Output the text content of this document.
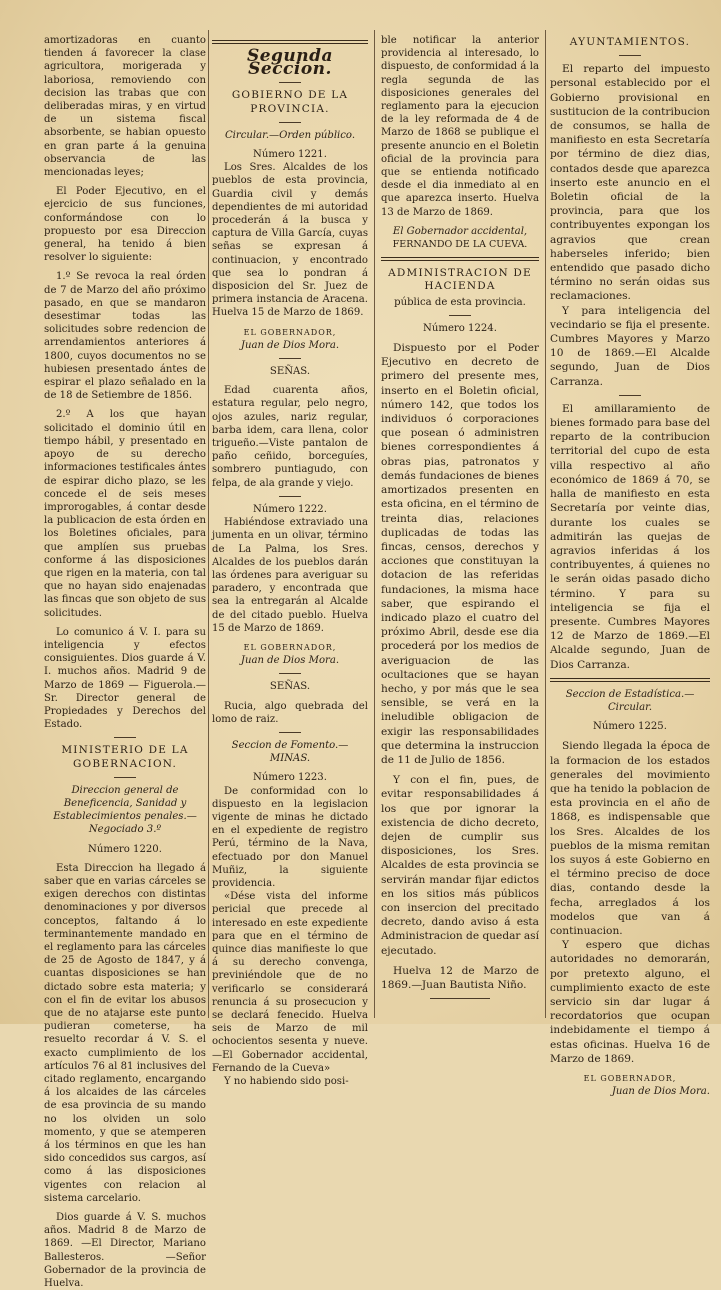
amortizadoras en cuanto tienden á favorecer la clase agricultora, morigerada y laboriosa, removiendo con decision las trabas que con deliberadas miras, y en virtud de un sistema fiscal absorbente, se habian opuesto en gran parte á la genuina observancia de las mencionadas leyes;

El Poder Ejecutivo, en el ejercicio de sus funciones, conformándose con lo propuesto por esa Direccion general, ha tenido á bien resolver lo siguiente:

1.º Se revoca la real órden de 7 de Marzo del año próximo pasado, en que se mandaron desestimar todas las solicitudes sobre redencion de arrendamientos anteriores á 1800, cuyos documentos no se hubiesen presentado ántes de espirar el plazo señalado en la de 18 de Setiembre de 1856.

2.º A los que hayan solicitado el dominio útil en tiempo hábil, y presentado en apoyo de su derecho informaciones testificales ántes de espirar dicho plazo, se les concede el de seis meses improrogables, á contar desde la publicacion de esta órden en los Boletines oficiales, para que amplíen sus pruebas conforme á las disposiciones que rigen en la materia, con tal que no hayan sido enajenadas las fincas que son objeto de sus solicitudes.

Lo comunico á V. I. para su inteligencia y efectos consiguientes. Dios guarde á V. I. muchos años. Madrid 9 de Marzo de 1869 — Figuerola.—Sr. Director general de Propiedades y Derechos del Estado.

MINISTERIO DE LA GOBERNACION.

Direccion general de Beneficencia, Sanidad y Establecimientos penales.—Negociado 3.º

Número 1220.

Esta Direccion ha llegado á saber que en varias cárceles se exigen derechos con distintas denominaciones y por diversos conceptos, faltando á lo terminantemente mandado en el reglamento para las cárceles de 25 de Agosto de 1847, y á cuantas disposiciones se han dictado sobre esta materia; y con el fin de evitar los abusos que de no atajarse este punto pudieran cometerse, ha resuelto recordar á V. S. el exacto cumplimiento de los artículos 76 al 81 inclusives del citado reglamento, encargando á los alcaides de las cárceles de esa provincia de su mando no los olviden un solo momento, y que se atemperen á los términos en que les han sido concedidos sus cargos, así como á las disposiciones vigentes con relacion al sistema carcelario.

Dios guarde á V. S. muchos años. Madrid 8 de Marzo de 1869. —El Director, Mariano Ballesteros. —Señor Gobernador de la provincia de Huelva.

Segunda Seccion.
GOBIERNO DE LA PROVINCIA.

Circular.—Orden público.

Número 1221.

Los Sres. Alcaldes de los pueblos de esta provincia, Guardia civil y demás dependientes de mi autoridad procederán á la busca y captura de Villa García, cuyas señas se expresan á continuacion, y encontrado que sea lo pondran á disposicion del Sr. Juez de primera instancia de Aracena. Huelva 15 de Marzo de 1869.

EL GOBERNADOR,
Juan de Dios Mora.

SEÑAS.

Edad cuarenta años, estatura regular, pelo negro, ojos azules, nariz regular, barba idem, cara llena, color trigueño.—Viste pantalon de paño ceñido, borceguíes, sombrero puntiagudo, con felpa, de ala grande y viejo.

Número 1222.

Habiéndose extraviado una jumenta en un olivar, término de La Palma, los Sres. Alcaldes de los pueblos darán las órdenes para averiguar su paradero, y encontrada que sea la entregarán al Alcalde de del citado pueblo. Huelva 15 de Marzo de 1869.

EL GOBERNADOR,
Juan de Dios Mora.

SEÑAS.

Rucia, algo quebrada del lomo de raiz.

Seccion de Fomento.— MINAS.

Número 1223.

De conformidad con lo dispuesto en la legislacion vigente de minas he dictado en el expediente de registro Perú, término de la Nava, efectuado por don Manuel Muñiz, la siguiente providencia.

«Dése vista del informe pericial que precede al interesado en este expediente para que en el término de quince dias manifieste lo que á su derecho convenga, previniéndole que de no verificarlo se considerará renuncia á su prosecucion y se declará fenecido. Huelva seis de Marzo de mil ochocientos sesenta y nueve.—El Gobernador accidental, Fernando de la Cueva»

Y no habiendo sido posi-

ble notificar la anterior providencia al interesado, lo dispuesto, de conformidad á la regla segunda de las disposiciones generales del reglamento para la ejecucion de la ley reformada de 4 de Marzo de 1868 se publique el presente anuncio en el Boletin oficial de la provincia para que se entienda notificado desde el dia inmediato al en que aparezca inserto. Huelva 13 de Marzo de 1869.

El Gobernador accidental,
FERNANDO DE LA CUEVA.
ADMINISTRACION DE HACIENDA

pública de esta provincia.

Número 1224.

Dispuesto por el Poder Ejecutivo en decreto de primero del presente mes, inserto en el Boletin oficial, número 142, que todos los individuos ó corporaciones que posean ó administren bienes correspondientes á obras pias, patronatos y demás fundaciones de bienes amortizados presenten en esta oficina, en el término de treinta dias, relaciones duplicadas de todas las fincas, censos, derechos y acciones que constituyan la dotacion de las referidas fundaciones, la misma hace saber, que espirando el indicado plazo el cuatro del próximo Abril, desde ese dia procederá por los medios de averiguacion de las ocultaciones que se hayan hecho, y por más que le sea sensible, se verá en la ineludible obligacion de exigir las responsabilidades que determina la instruccion de 11 de Julio de 1856.

Y con el fin, pues, de evitar responsabilidades á los que por ignorar la existencia de dicho decreto, dejen de cumplir sus disposiciones, los Sres. Alcaldes de esta provincia se servirán mandar fijar edictos en los sitios más públicos con insercion del precitado decreto, dando aviso á esta Administracion de quedar así ejecutado.

Huelva 12 de Marzo de 1869.—Juan Bautista Niño.

AYUNTAMIENTOS.

El reparto del impuesto personal establecido por el Gobierno provisional en sustitucion de la contribucion de consumos, se halla de manifiesto en esta Secretaría por término de diez dias, contados desde que aparezca inserto este anuncio en el Boletin oficial de la provincia, para que los contribuyentes expongan los agravios que crean haberseles inferido; bien entendido que pasado dicho término no serán oidas sus reclamaciones.

Y para inteligencia del vecindario se fija el presente. Cumbres Mayores y Marzo 10 de 1869.—El Alcalde segundo, Juan de Dios Carranza.

El amillaramiento de bienes formado para base del reparto de la contribucion territorial del cupo de esta villa respectivo al año económico de 1869 á 70, se halla de manifiesto en esta Secretaría por veinte dias, durante los cuales se admitirán las quejas de agravios inferidas á los contribuyentes, á quienes no le serán oidas pasado dicho término. Y para su inteligencia se fija el presente. Cumbres Mayores 12 de Marzo de 1869.—El Alcalde segundo, Juan de Dios Carranza.

Seccion de Estadística.—Circular.

Número 1225.

Siendo llegada la época de la formacion de los estados generales del movimiento que ha tenido la poblacion de esta provincia en el año de 1868, es indispensable que los Sres. Alcaldes de los pueblos de la misma remitan los suyos á este Gobierno en el término preciso de doce dias, contando desde la fecha, arreglados á los modelos que van á continuacion.

Y espero que dichas autoridades no demorarán, por pretexto alguno, el cumplimiento exacto de este servicio sin dar lugar á recordatorios que ocupan indebidamente el tiempo á estas oficinas. Huelva 16 de Marzo de 1869.

EL GOBERNADOR,
Juan de Dios Mora.
